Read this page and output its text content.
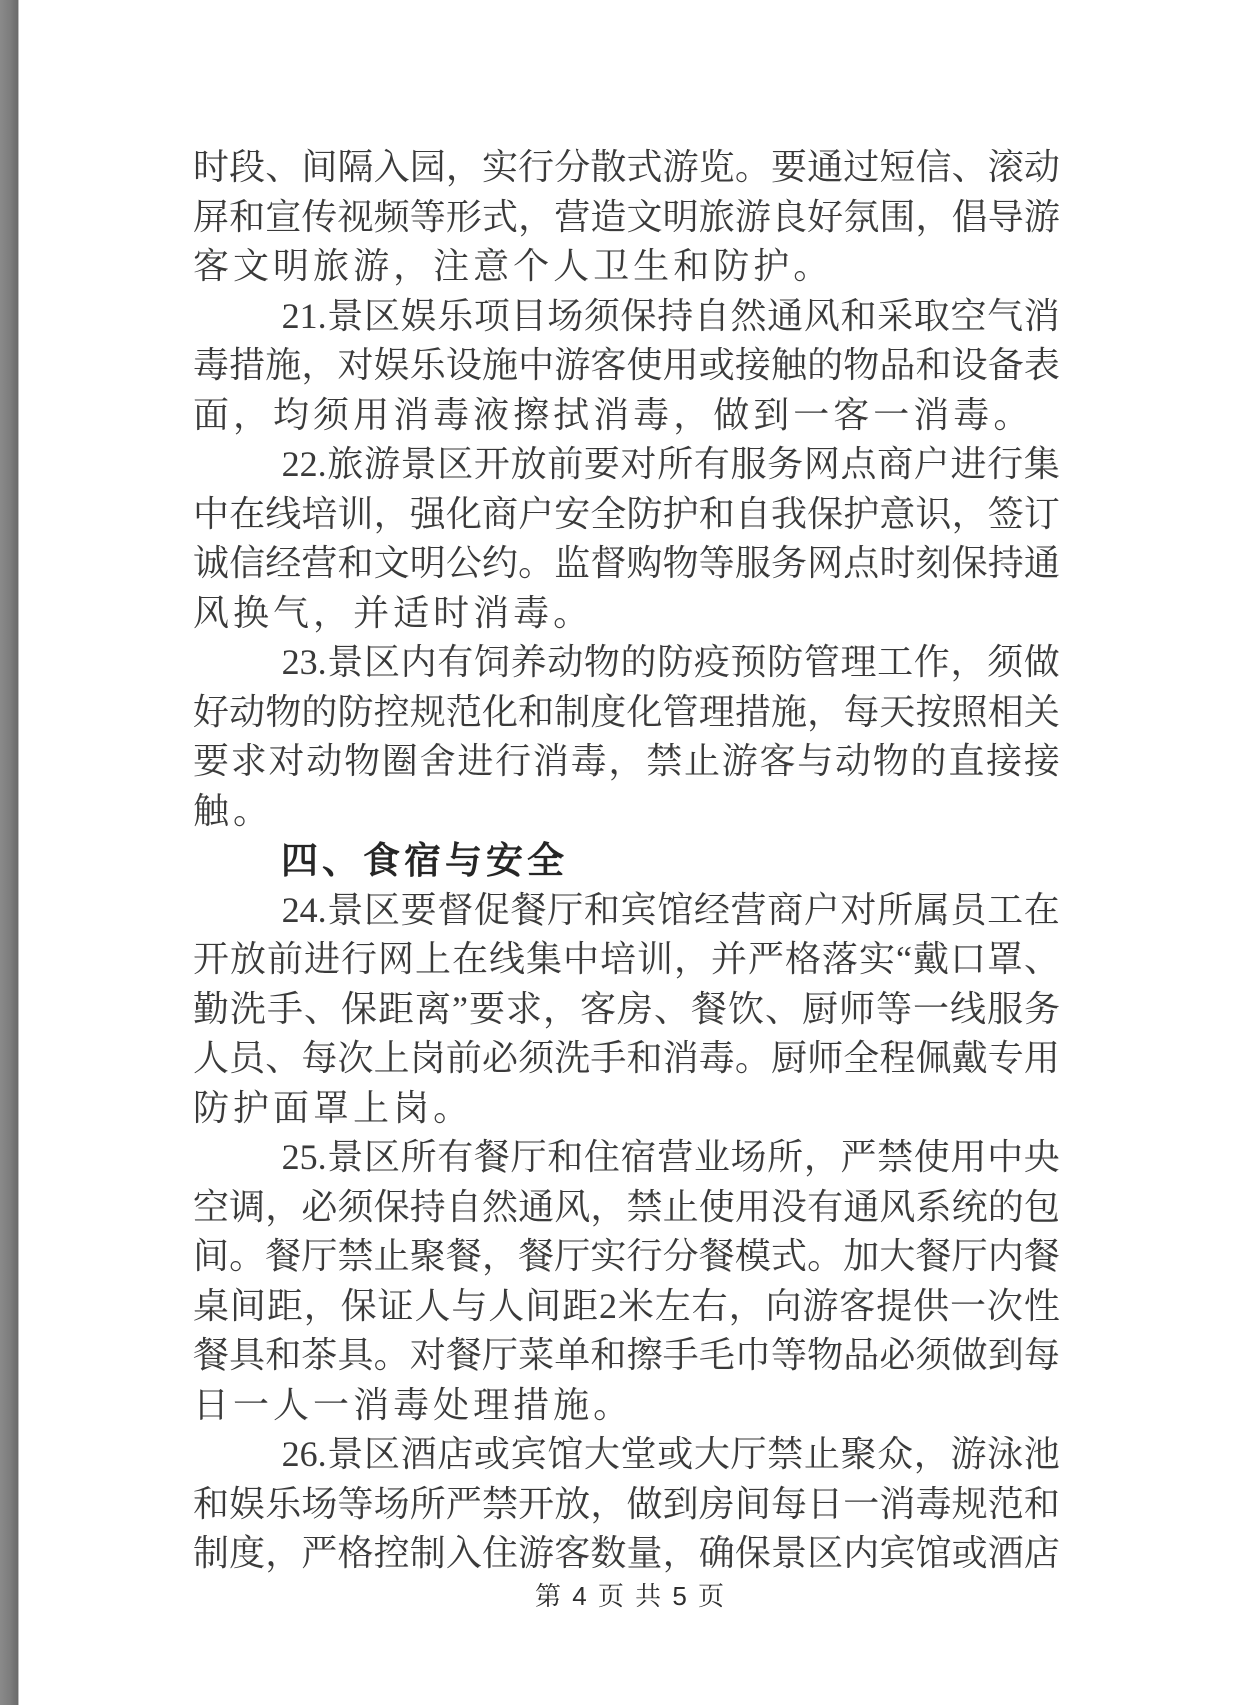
时 段 、 间 隔 入 园 ， 实 行 分 散 式 游 览 。 要 通 过 短 信 、 滚 动
屏 和 宣 传 视 频 等 形 式 ， 营 造 文 明 旅 游 良 好 氛 围 ， 倡 导 游
客 文 明 旅 游 ， 注 意 个 人 卫 生 和 防 护 。
21. 景 区 娱 乐 项 目 场 须 保 持 自 然 通 风 和 采 取 空 气 消
毒 措 施 ， 对 娱 乐 设 施 中 游 客 使 用 或 接 触 的 物 品 和 设 备 表
面 ， 均 须 用 消 毒 液 擦 拭 消 毒 ， 做 到 一 客 一 消 毒 。
22. 旅 游 景 区 开 放 前 要 对 所 有 服 务 网 点 商 户 进 行 集
中 在 线 培 训 ， 强 化 商 户 安 全 防 护 和 自 我 保 护 意 识 ， 签 订
诚 信 经 营 和 文 明 公 约 。 监 督 购 物 等 服 务 网 点 时 刻 保 持 通
风 换 气 ， 并 适 时 消 毒 。
23. 景 区 内 有 饲 养 动 物 的 防 疫 预 防 管 理 工 作 ， 须 做
好 动 物 的 防 控 规 范 化 和 制 度 化 管 理 措 施 ， 每 天 按 照 相 关
要 求 对 动 物 圈 舍 进 行 消 毒 ， 禁 止 游 客 与 动 物 的 直 接 接
触 。
四、食宿与安全
24. 景 区 要 督 促 餐 厅 和 宾 馆 经 营 商 户 对 所 属 员 工 在
开 放 前 进 行 网 上 在 线 集 中 培 训 ， 并 严 格 落 实 “ 戴 口 罩 、
勤 洗 手 、 保 距 离 ” 要 求 ， 客 房 、 餐 饮 、 厨 师 等 一 线 服 务
人 员 、 每 次 上 岗 前 必 须 洗 手 和 消 毒 。 厨 师 全 程 佩 戴 专 用
防 护 面 罩 上 岗 。
25. 景 区 所 有 餐 厅 和 住 宿 营 业 场 所 ， 严 禁 使 用 中 央
空 调 ， 必 须 保 持 自 然 通 风 ， 禁 止 使 用 没 有 通 风 系 统 的 包
间 。 餐 厅 禁 止 聚 餐 ， 餐 厅 实 行 分 餐 模 式 。 加 大 餐 厅 内 餐
桌 间 距 ， 保 证 人 与 人 间 距 2 米 左 右 ， 向 游 客 提 供 一 次 性
餐 具 和 茶 具 。 对 餐 厅 菜 单 和 擦 手 毛 巾 等 物 品 必 须 做 到 每
日 一 人 一 消 毒 处 理 措 施 。
26. 景 区 酒 店 或 宾 馆 大 堂 或 大 厅 禁 止 聚 众 ， 游 泳 池
和 娱 乐 场 等 场 所 严 禁 开 放 ， 做 到 房 间 每 日 一 消 毒 规 范 和
制 度 ， 严 格 控 制 入 住 游 客 数 量 ， 确 保 景 区 内 宾 馆 或 酒 店
第 4 页 共 5 页
